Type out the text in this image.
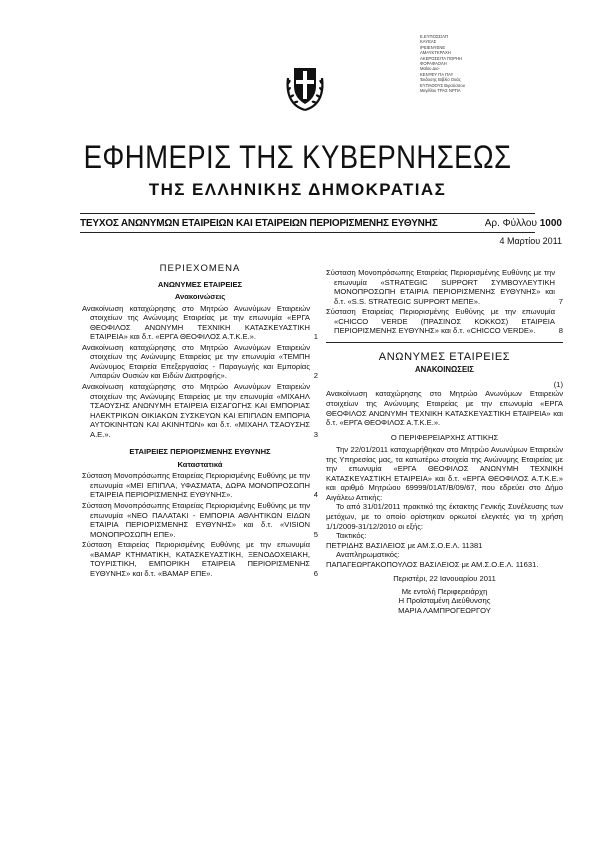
Ε.ΕΥΠΟΣΣΙΛΠ
ΚΑΥΕΑΣ
ΙΡΕΙΕΝΥΕΝΕ
ΑΜΑΥΚΤΚΡΛΧΗ
ΑΚΕΡΟΣΕΙΤΑ ΠΟΡΗΗ
ΦΟΡΑΦΑΟΛΗ
Μαΐου Διο-
ΚΕΝΥΦΥ ΠΑ ΠΑΥ
Έκδοσης Βιβλίο Ουάς
ΕΥΠΑΘΟΥΣ Βιρσύσσου
Μεγέθου ΤΡΑΣ ΝΡΠΑ
ΕΦΗΜΕΡΙΣ ΤΗΣ ΚΥΒΕΡΝΗΣΕΩΣ
ΤΗΣ ΕΛΛΗΝΙΚΗΣ ΔΗΜΟΚΡΑΤΙΑΣ
ΤΕΥΧΟΣ ΑΝΩΝΥΜΩΝ ΕΤΑΙΡΕΙΩΝ ΚΑΙ ΕΤΑΙΡΕΙΩΝ ΠΕΡΙΟΡΙΣΜΕΝΗΣ ΕΥΘΥΝΗΣ	Αρ. Φύλλου 1000
4 Μαρτίου 2011
ΠΕΡΙΕΧΟΜΕΝΑ
ΑΝΩΝΥΜΕΣ ΕΤΑΙΡΕΙΕΣ
Ανακοινώσεις
Ανακοίνωση καταχώρησης στο Μητρώο Ανωνύμων Εταιρειών στοιχείων της Ανώνυμης Εταιρείας με την επωνυμία «ΕΡΓΑ ΘΕΟΦΙΛΟΣ ΑΝΩΝΥΜΗ ΤΕΧΝΙΚΗ ΚΑΤΑΣΚΕΥΑΣΤΙΚΗ ΕΤΑΙΡΕΙΑ» και δ.τ. «ΕΡΓΑ ΘΕΟΦΙΛΟΣ Α.Τ.Κ.Ε.».	1
Ανακοίνωση καταχώρησης στο Μητρώο Ανωνύμων Εταιρειών στοιχείων της Ανώνυμης Εταιρείας με την επωνυμία «ΤΕΜΠΗ Ανώνυμος Εταιρεία Επεξεργασίας - Παραγωγής και Εμπορίας Λιπαρών Ουσιών και Ειδών Διατροφής».	2
Ανακοίνωση καταχώρησης στο Μητρώο Ανωνύμων Εταιρειών στοιχείων της Ανώνυμης Εταιρείας με την επωνυμία «ΜΙΧΑΗΛ ΤΣΑΟΥΣΗΣ ΑΝΩΝΥΜΗ ΕΤΑΙΡΕΙΑ ΕΙΣΑΓΩΓΗΣ ΚΑΙ ΕΜΠΟΡΙΑΣ ΗΛΕΚΤΡΙΚΩΝ ΟΙΚΙΑΚΩΝ ΣΥΣΚΕΥΩΝ ΚΑΙ ΕΠΙΠΛΩΝ ΕΜΠΟΡΙΑ ΑΥΤΟΚΙΝΗΤΩΝ ΚΑΙ ΑΚΙΝΗΤΩΝ» και δ.τ. «ΜΙΧΑΗΛ ΤΣΑΟΥΣΗΣ Α.Ε.».	3
ΕΤΑΙΡΕΙΕΣ ΠΕΡΙΟΡΙΣΜΕΝΗΣ ΕΥΘΥΝΗΣ
Καταστατικά
Σύσταση Μονοπρόσωπης Εταιρείας Περιορισμένης Ευθύνης με την επωνυμία «ΜΕΙ ΕΠΙΠΛΑ, ΥΦΑΣΜΑΤΑ, ΔΩΡΑ ΜΟΝΟΠΡΟΣΩΠΗ ΕΤΑΙΡΕΙΑ ΠΕΡΙΟΡΙΣΜΕΝΗΣ ΕΥΘΥΝΗΣ».	4
Σύσταση Μονοπρόσωπης Εταιρείας Περιορισμένης Ευθύνης με την επωνυμία «ΝΕΟ ΠΑΛΑΤΑΚΙ - ΕΜΠΟΡΙΑ ΑΘΛΗΤΙΚΩΝ ΕΙΔΩΝ ΕΤΑΙΡΙΑ ΠΕΡΙΟΡΙΣΜΕΝΗΣ ΕΥΘΥΝΗΣ» και δ.τ. «VISION ΜΟΝΟΠΡΟΣΩΠΗ ΕΠΕ».	5
Σύσταση Εταιρείας Περιορισμένης Ευθύνης με την επωνυμία «ΒΑΜΑΡ ΚΤΗΜΑΤΙΚΗ, ΚΑΤΑΣΚΕΥΑΣΤΙΚΗ, ΞΕΝΟΔΟΧΕΙΑΚΗ, ΤΟΥΡΙΣΤΙΚΗ, ΕΜΠΟΡΙΚΗ ΕΤΑΙΡΕΙΑ ΠΕΡΙΟΡΙΣΜΕΝΗΣ ΕΥΘΥΝΗΣ» και δ.τ. «ΒΑΜΑΡ ΕΠΕ».	6
Σύσταση Μονοπρόσωπης Εταιρείας Περιορισμένης Ευθύνης με την επωνυμία «STRATEGIC SUPPORT ΣΥΜΒΟΥΛΕΥΤΙΚΗ ΜΟΝΟΠΡΟΣΩΠΗ ΕΤΑΙΡΙΑ ΠΕΡΙΟΡΙΣΜΕΝΗΣ ΕΥΘΥΝΗΣ» και δ.τ. «S.S. STRATEGIC SUPPORT ΜΕΠΕ».	7
Σύσταση Εταιρείας Περιορισμένης Ευθύνης με την επωνυμία «CHICCO VERDE (ΠΡΑΣΙΝΟΣ ΚΟΚΚΟΣ) ΕΤΑΙΡΕΙΑ ΠΕΡΙΟΡΙΣΜΕΝΗΣ ΕΥΘΥΝΗΣ» και δ.τ. «CHICCO VERDE».	8
ΑΝΩΝΥΜΕΣ ΕΤΑΙΡΕΙΕΣ
ΑΝΑΚΟΙΝΩΣΕΙΣ
(1)
Ανακοίνωση καταχώρησης στο Μητρώο Ανωνύμων Εταιρειών στοιχείων της Ανώνυμης Εταιρείας με την επωνυμία «ΕΡΓΑ ΘΕΟΦΙΛΟΣ ΑΝΩΝΥΜΗ ΤΕΧΝΙΚΗ ΚΑΤΑΣΚΕΥΑΣΤΙΚΗ ΕΤΑΙΡΕΙΑ» και δ.τ. «ΕΡΓΑ ΘΕΟΦΙΛΟΣ Α.Τ.Κ.Ε.».
Ο ΠΕΡΙΦΕΡΕΙΑΡΧΗΣ ΑΤΤΙΚΗΣ
Την 22/01/2011 καταχωρήθηκαν στο Μητρώο Ανωνύμων Εταιρειών της Υπηρεσίας μας, τα κατωτέρω στοιχεία της Ανώνυμης Εταιρείας με την επωνυμία «ΕΡΓΑ ΘΕΟΦΙΛΟΣ ΑΝΩΝΥΜΗ ΤΕΧΝΙΚΗ ΚΑΤΑΣΚΕΥΑΣΤΙΚΗ ΕΤΑΙΡΕΙΑ» και δ.τ. «ΕΡΓΑ ΘΕΟΦΙΛΟΣ Α.Τ.Κ.Ε.» και αριθμό Μητρώου 69999/01ΑΤ/Β/09/67, που εδρεύει στο Δήμο Αιγάλεω Αττικής:
Το από 31/01/2011 πρακτικό της έκτακτης Γενικής Συνέλευσης των μετόχων, με το οποίο ορίστηκαν ορκωτοί ελεγκτές για τη χρήση 1/1/2009-31/12/2010 οι εξής:
Τακτικός:
ΠΕΤΡΙΔΗΣ ΒΑΣΙΛΕΙΟΣ με ΑΜ.Σ.Ο.Ε.Λ. 11381
Αναπληρωματικός:
ΠΑΠΑΓΕΩΡΓΑΚΟΠΟΥΛΟΣ ΒΑΣΙΛΕΙΟΣ με ΑΜ.Σ.Ο.Ε.Λ. 11631.
Περιστέρι, 22 Ιανουαρίου 2011
Με εντολή Περιφερειάρχη
Η Προϊσταμένη Διεύθυνσης
ΜΑΡΙΑ ΛΑΜΠΡΟΓΕΩΡΓΟΥ
